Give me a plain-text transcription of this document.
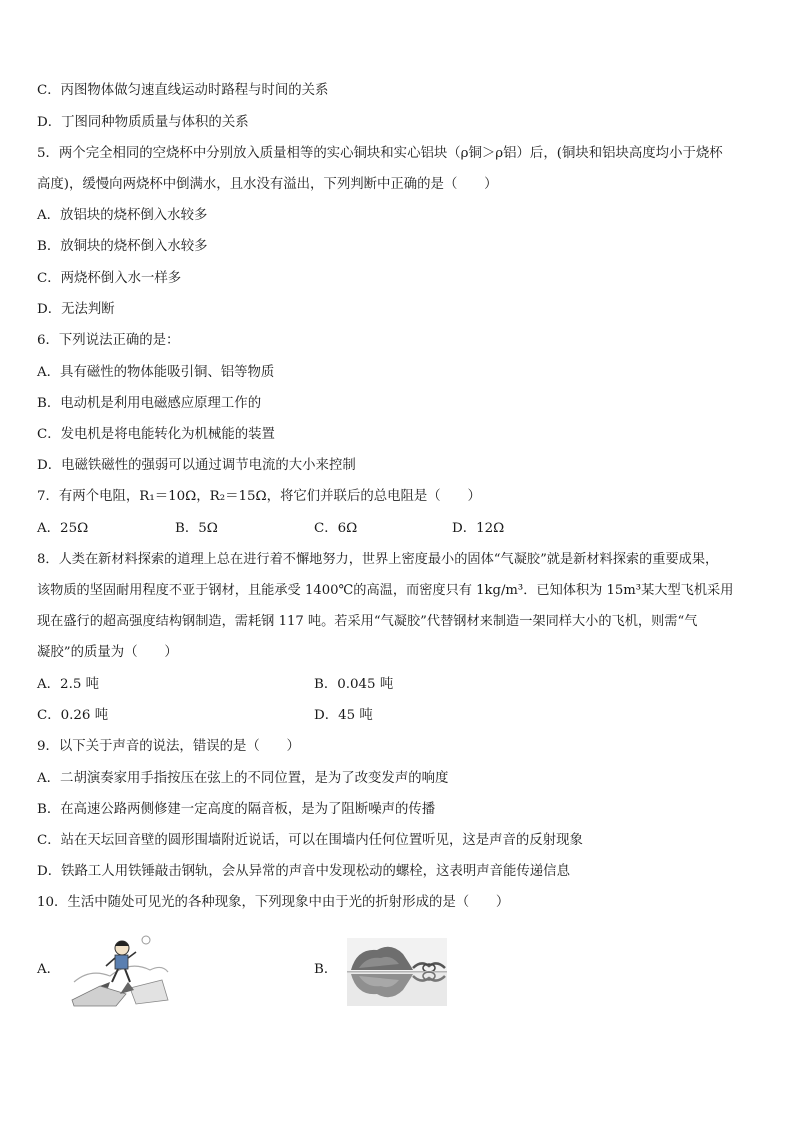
C．丙图物体做匀速直线运动时路程与时间的关系
D．丁图同种物质质量与体积的关系
5．两个完全相同的空烧杯中分别放入质量相等的实心铜块和实心铝块（ρ铜＞ρ铝）后，(铜块和铝块高度均小于烧杯
高度)，缓慢向两烧杯中倒满水，且水没有溢出，下列判断中正确的是（　　）
A．放铝块的烧杯倒入水较多
B．放铜块的烧杯倒入水较多
C．两烧杯倒入水一样多
D．无法判断
6．下列说法正确的是：
A．具有磁性的物体能吸引铜、铝等物质
B．电动机是利用电磁感应原理工作的
C．发电机是将电能转化为机械能的装置
D．电磁铁磁性的强弱可以通过调节电流的大小来控制
7．有两个电阻，R₁＝10Ω，R₂＝15Ω，将它们并联后的总电阻是（　　）
A．25Ω	B．5Ω	C．6Ω	D．12Ω
8．人类在新材料探索的道理上总在进行着不懈地努力，世界上密度最小的固体“气凝胶”就是新材料探索的重要成果，
该物质的坚固耐用程度不亚于钢材，且能承受 1400℃的高温，而密度只有 1kg/m³．已知体积为 15m³某大型飞机采用
现在盛行的超高强度结构钢制造，需耗钢 117 吨。若采用“气凝胶”代替钢材来制造一架同样大小的飞机，则需“气
凝胶”的质量为（　　）
A．2.5 吨	B．0.045 吨
C．0.26 吨	D．45 吨
9．以下关于声音的说法，错误的是（　　）
A．二胡演奏家用手指按压在弦上的不同位置，是为了改变发声的响度
B．在高速公路两侧修建一定高度的隔音板，是为了阻断噪声的传播
C．站在天坛回音壁的圆形围墙附近说话，可以在围墙内任何位置听见，这是声音的反射现象
D．铁路工人用铁锤敲击钢轨，会从异常的声音中发现松动的螺栓，这表明声音能传递信息
10．生活中随处可见光的各种现象，下列现象中由于光的折射形成的是（　　）
A．	B．
